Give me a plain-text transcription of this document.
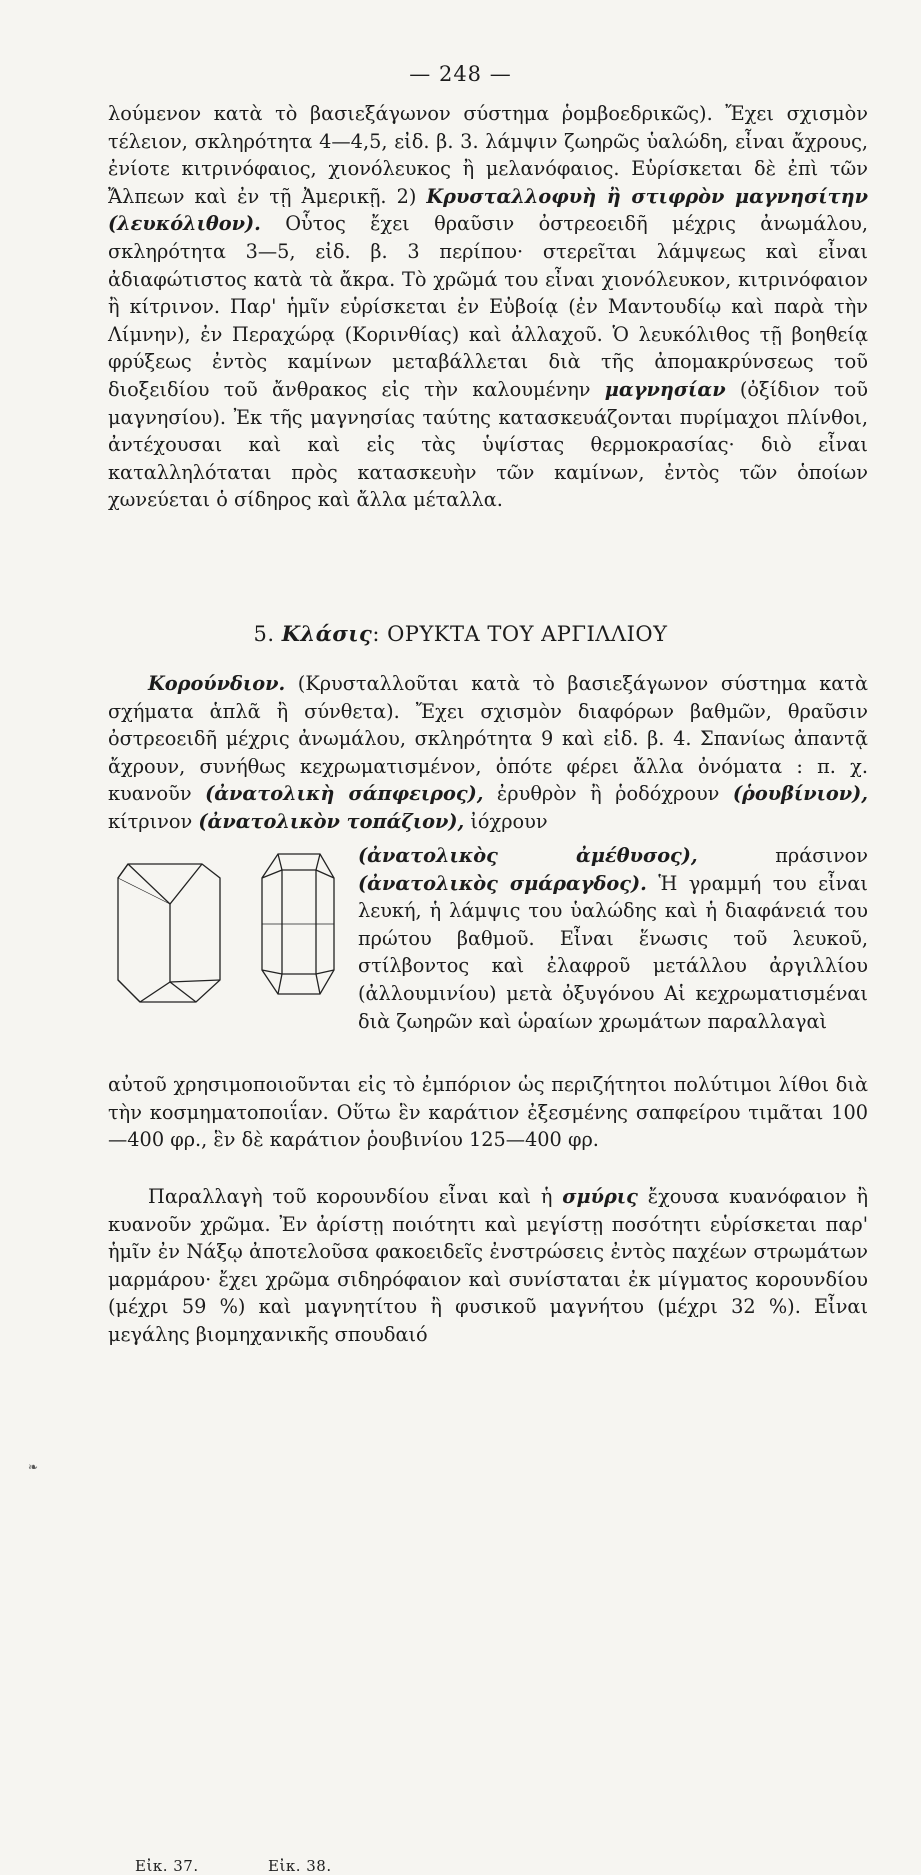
— 248 —
λούμενον κατὰ τὸ βασιεξάγωνον σύστημα ῥομβοεδρικῶς). Ἔχει σχισμὸν τέλειον, σκληρότητα 4—4,5, εἰδ. β. 3. λάμψιν ζωηρῶς ὑαλώδη, εἶναι ἄχρους, ἐνίοτε κιτρινόφαιος, χιονόλευκος ἢ μελανόφαιος. Εὑρίσκεται δὲ ἐπὶ τῶν Ἄλπεων καὶ ἐν τῇ Ἀμερικῇ. 2) Κρυσταλλοφυὴ ἢ στιφρὸν μαγνησίτην (λευκόλιθον). Οὗτος ἔχει θραῦσιν ὀστρεοειδῆ μέχρις ἀνωμάλου, σκληρότητα 3—5, εἰδ. β. 3 περίπου· στερεῖται λάμψεως καὶ εἶναι ἀδιαφώτιστος κατὰ τὰ ἄκρα. Τὸ χρῶμά του εἶναι χιονόλευκον, κιτρινόφαιον ἢ κίτρινον. Παρ' ἡμῖν εὑρίσκεται ἐν Εὐβοίᾳ (ἐν Μαντουδίῳ καὶ παρὰ τὴν Λίμνην), ἐν Περαχώρᾳ (Κορινθίας) καὶ ἀλλαχοῦ. Ὁ λευκόλιθος τῇ βοηθείᾳ φρύξεως ἐντὸς καμίνων μεταβάλλεται διὰ τῆς ἀπομακρύνσεως τοῦ διοξειδίου τοῦ ἄνθρακος εἰς τὴν καλουμένην μαγνησίαν (ὀξίδιον τοῦ μαγνησίου). Ἐκ τῆς μαγνησίας ταύτης κατασκευάζονται πυρίμαχοι πλίνθοι, ἀντέχουσαι καὶ καὶ εἰς τὰς ὑψίστας θερμοκρασίας· διὸ εἶναι καταλληλόταται πρὸς κατασκευὴν τῶν καμίνων, ἐντὸς τῶν ὁποίων χωνεύεται ὁ σίδηρος καὶ ἄλλα μέταλλα.
5. Κλάσις: ΟΡΥΚΤΑ ΤΟΥ ΑΡΓΙΛΛΙΟΥ
Κορούνδιον. (Κρυσταλλοῦται κατὰ τὸ βασιεξάγωνον σύστημα κατὰ σχήματα ἁπλᾶ ἢ σύνθετα). Ἔχει σχισμὸν διαφόρων βαθμῶν, θραῦσιν ὀστρεοειδῆ μέχρις ἀνωμάλου, σκληρότητα 9 καὶ εἰδ. β. 4. Σπανίως ἀπαντᾷ ἄχρουν, συνήθως κεχρωματισμένον, ὁπότε φέρει ἄλλα ὀνόματα : π. χ. κυανοῦν (ἀνατολικὴ σάπφειρος), ἐρυθρὸν ἢ ῥοδόχρουν (ῥουβίνιον), κίτρινον (ἀνατολικὸν τοπάζιον), ἰόχρουν
Εἰκ. 37.	Εἰκ. 38.
(ἀνατολικὸς ἀμέθυσος), πράσινον (ἀνατολικὸς σμάραγδος). Ἡ γραμμή του εἶναι λευκή, ἡ λάμψις του ὑαλώδης καὶ ἡ διαφάνειά του πρώτου βαθμοῦ. Εἶναι ἕνωσις τοῦ λευκοῦ, στίλβοντος καὶ ἐλαφροῦ μετάλλου ἀργιλλίου (ἀλλουμινίου) μετὰ ὀξυγόνου Αἱ κεχρωματισμέναι διὰ ζωηρῶν καὶ ὡραίων χρωμάτων παραλλαγαὶ
αὐτοῦ χρησιμοποιοῦνται εἰς τὸ ἐμπόριον ὡς περιζήτητοι πολύτιμοι λίθοι διὰ τὴν κοσμηματοποιΐαν. Οὕτω ἓν καράτιον ἐξεσμένης σαπφείρου τιμᾶται 100—400 φρ., ἓν δὲ καράτιον ῥουβινίου 125—400 φρ.
Παραλλαγὴ τοῦ κορουνδίου εἶναι καὶ ἡ σμύρις ἔχουσα κυανόφαιον ἢ κυανοῦν χρῶμα. Ἐν ἀρίστῃ ποιότητι καὶ μεγίστῃ ποσότητι εὑρίσκεται παρ' ἡμῖν ἐν Νάξῳ ἀποτελοῦσα φακοειδεῖς ἐνστρώσεις ἐντὸς παχέων στρωμάτων μαρμάρου· ἔχει χρῶμα σιδηρόφαιον καὶ συνίσταται ἐκ μίγματος κορουνδίου (μέχρι 59 %) καὶ μαγνητίτου ἢ φυσικοῦ μαγνήτου (μέχρι 32 %). Εἶναι μεγάλης βιομηχανικῆς σπουδαιό
❧
